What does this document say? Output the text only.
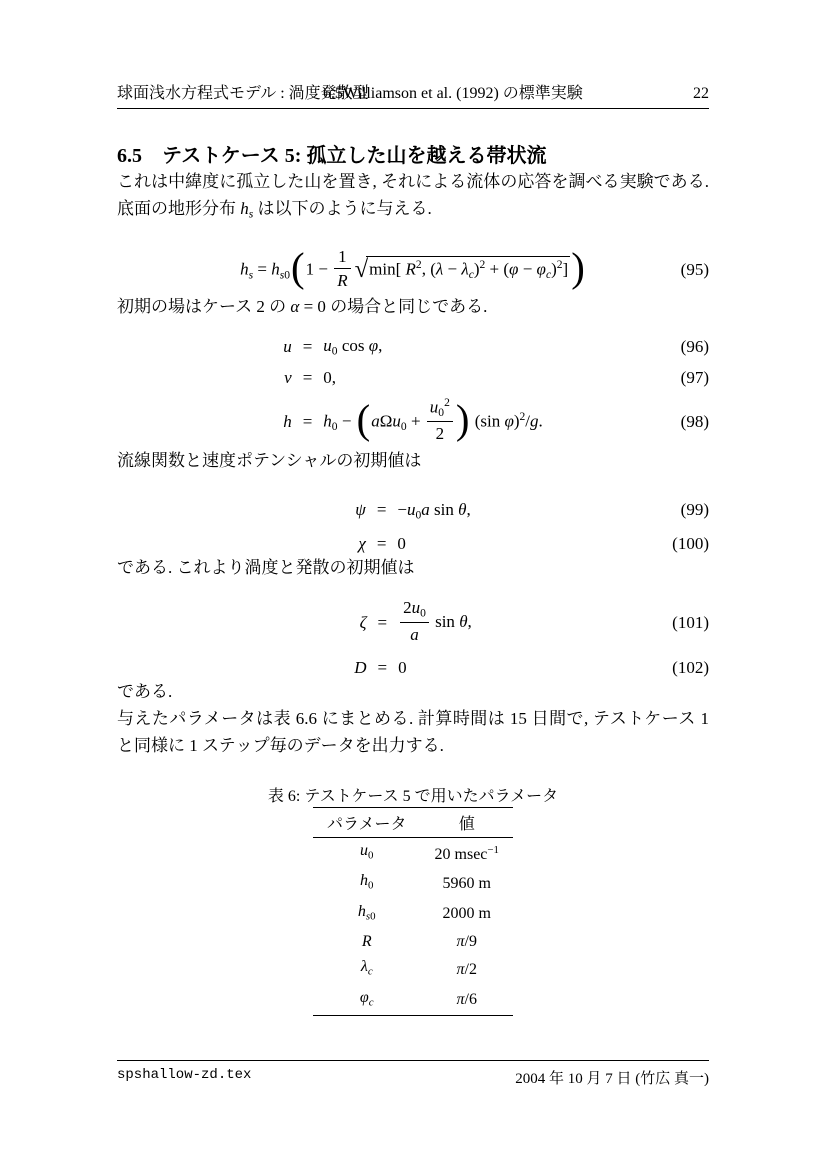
球面浅水方程式モデル : 渦度発散型
6.5Williamson et al. (1992) の標準実験	22
6.5 テストケース 5: 孤立した山を越える帯状流

これは中緯度に孤立した山を置き, それによる流体の応答を調べる実験である. 底面の地形分布 $h_s$ は以下のように与える.

$h_s = h_{s0}(1 - \frac{1}{R} √\min$[ $R^2$, $(\lambda - \lambda_c)^2 + (\varphi - \varphi_c)^2$])	(95)

初期の場はケース 2 の α = 0 の場合と同じである.

$u = u_0$ cos φ,	(96)
v = 0,	(97)
$h = h_0 - (a\Omega u_0 + \frac{u_0^2}{2}$ ) (sin φ)$^2$/g.	(98)

流線関数と速度ポテンシャルの初期値は

$\psi = -u_0a$ sin θ,	(99)
χ = 0	(100)

である. これより渦度と発散の初期値は

$\zeta = \frac{2u_0}{a}$ sin θ,	(101)
D = 0	(102)

である.

与えたパラメータは表 6.6 にまとめる. 計算時間は 15 日間で, テストケース 1 と同様に 1 ステップ毎のデータを出力する.

表 6: テストケース 5 で用いたパラメータ
パラメータ	値
$u_0$	20 msec$^{-1}$
$h_0$	5960 m
$h_{s0}$	2000 m
R	π/9
$\lambda_c$	π/2
$\varphi_c$	π/6
spshallow-zd.tex	2004 年 10 月 7 日 (竹広 真一)
